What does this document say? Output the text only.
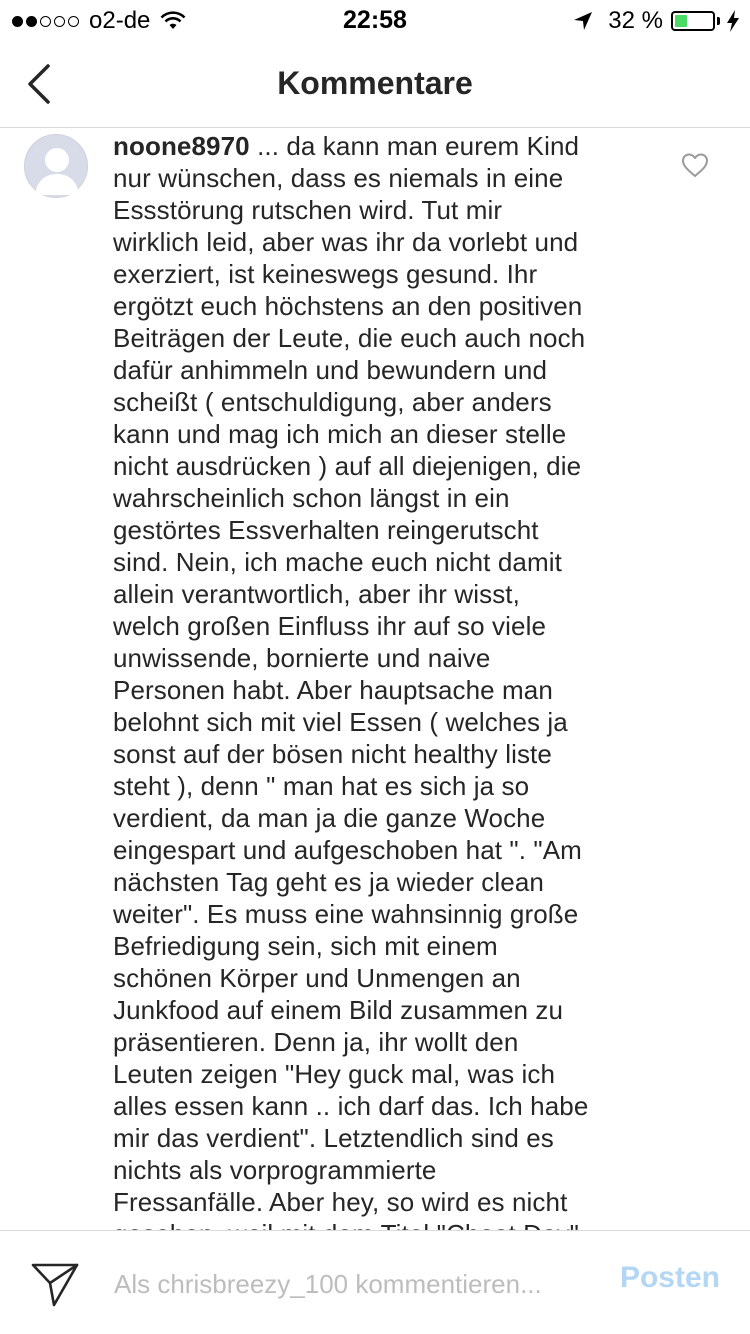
o2-de	22:58	32 %
Kommentare

noone8970 ... da kann man eurem Kind
nur wünschen, dass es niemals in eine
Essstörung rutschen wird. Tut mir
wirklich leid, aber was ihr da vorlebt und
exerziert, ist keineswegs gesund. Ihr
ergötzt euch höchstens an den positiven
Beiträgen der Leute, die euch auch noch
dafür anhimmeln und bewundern und
scheißt ( entschuldigung, aber anders
kann und mag ich mich an dieser stelle
nicht ausdrücken ) auf all diejenigen, die
wahrscheinlich schon längst in ein
gestörtes Essverhalten reingerutscht
sind. Nein, ich mache euch nicht damit
allein verantwortlich, aber ihr wisst,
welch großen Einfluss ihr auf so viele
unwissende, bornierte und naive
Personen habt. Aber hauptsache man
belohnt sich mit viel Essen ( welches ja
sonst auf der bösen nicht healthy liste
steht ), denn " man hat es sich ja so
verdient, da man ja die ganze Woche
eingespart und aufgeschoben hat ". "Am
nächsten Tag geht es ja wieder clean
weiter". Es muss eine wahnsinnig große
Befriedigung sein, sich mit einem
schönen Körper und Unmengen an
Junkfood auf einem Bild zusammen zu
präsentieren. Denn ja, ihr wollt den
Leuten zeigen "Hey guck mal, was ich
alles essen kann .. ich darf das. Ich habe
mir das verdient". Letztendlich sind es
nichts als vorprogrammierte
Fressanfälle. Aber hey, so wird es nicht

Als chrisbreezy_100 kommentieren...
Posten
